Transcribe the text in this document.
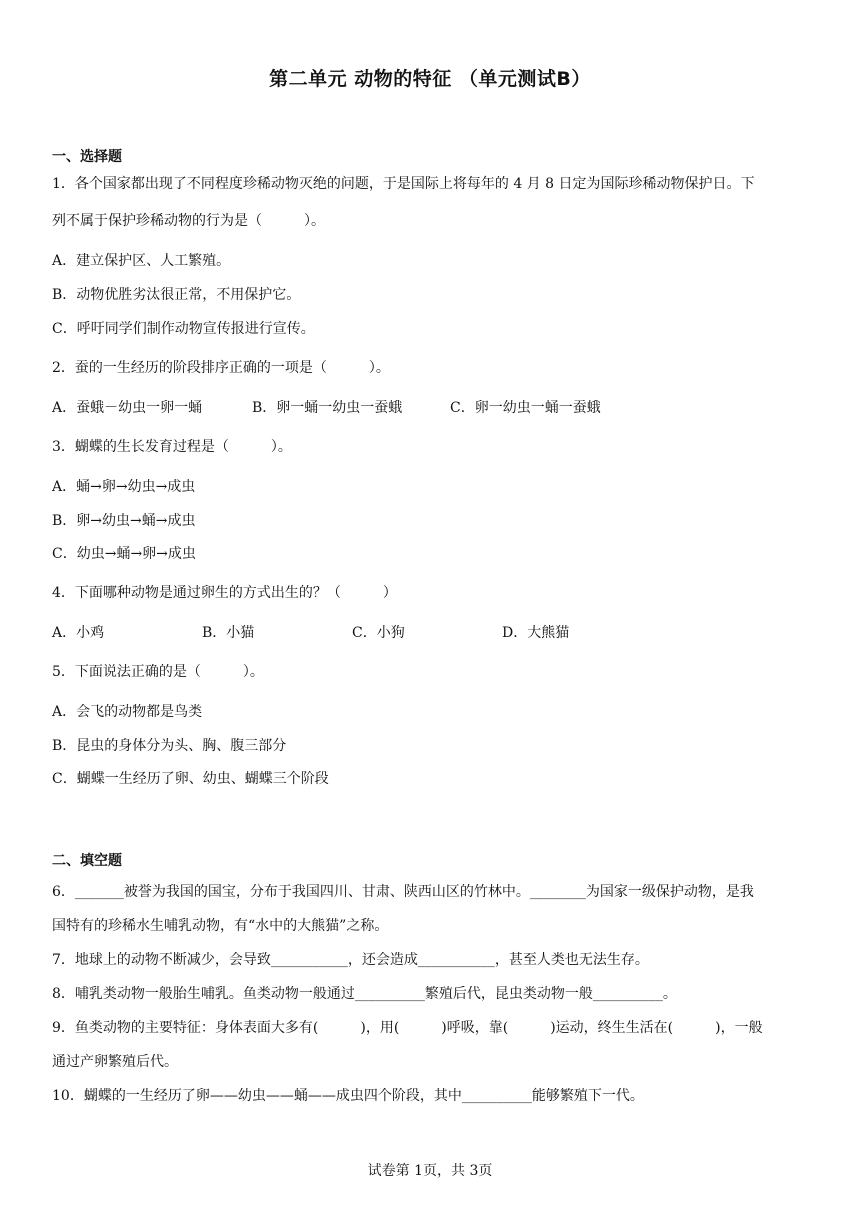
第二单元 动物的特征 （单元测试B）
一、选择题
1．各个国家都出现了不同程度珍稀动物灭绝的问题，于是国际上将每年的 4 月 8 日定为国际珍稀动物保护日。下
列不属于保护珍稀动物的行为是（　　　）。
A．建立保护区、人工繁殖。
B．动物优胜劣汰很正常，不用保护它。
C．呼吁同学们制作动物宣传报进行宣传。
2．蚕的一生经历的阶段排序正确的一项是（　　　）。
A．蚕蛾－幼虫一卵一蛹	B．卵一蛹一幼虫一蚕蛾	C．卵一幼虫一蛹一蚕蛾
3．蝴蝶的生长发育过程是（　　　）。
A．蛹→卵→幼虫→成虫
B．卵→幼虫→蛹→成虫
C．幼虫→蛹→卵→成虫
4．下面哪种动物是通过卵生的方式出生的？（　　　）
A．小鸡	B．小猫	C．小狗	D．大熊猫
5．下面说法正确的是（　　　）。
A．会飞的动物都是鸟类
B．昆虫的身体分为头、胸、腹三部分
C．蝴蝶一生经历了卵、幼虫、蝴蝶三个阶段
二、填空题
6．_______被誉为我国的国宝，分布于我国四川、甘肃、陕西山区的竹林中。________为国家一级保护动物，是我
国特有的珍稀水生哺乳动物，有“水中的大熊猫”之称。
7．地球上的动物不断减少，会导致___________，还会造成___________，甚至人类也无法生存。
8．哺乳类动物一般胎生哺乳。鱼类动物一般通过__________繁殖后代，昆虫类动物一般__________。
9．鱼类动物的主要特征：身体表面大多有(　　　)，用(　　　)呼吸，靠(　　　)运动，终生生活在(　　　)，一般
通过产卵繁殖后代。
10．蝴蝶的一生经历了卵——幼虫——蛹——成虫四个阶段，其中__________能够繁殖下一代。
试卷第 1页，共 3页
